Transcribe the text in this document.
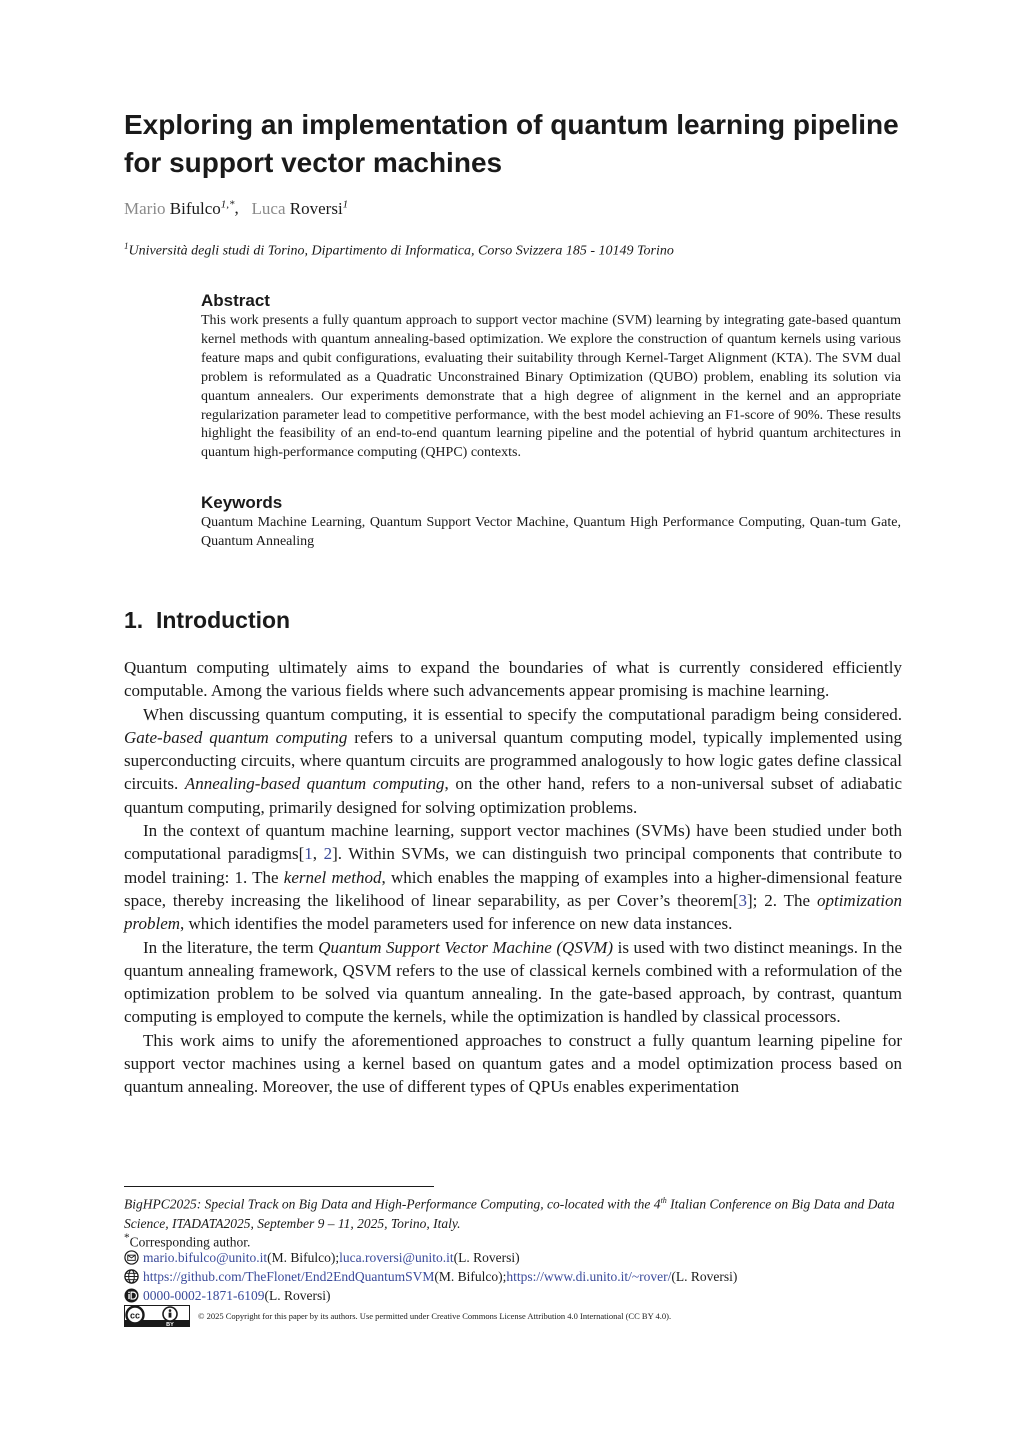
Exploring an implementation of quantum learning pipeline for support vector machines
Mario Bifulco$^{1,*}$, Luca Roversi$^1$
$^1$Università degli studi di Torino, Dipartimento di Informatica, Corso Svizzera 185 - 10149 Torino
Abstract
This work presents a fully quantum approach to support vector machine (SVM) learning by integrating gate-based quantum kernel methods with quantum annealing-based optimization. We explore the construction of quantum kernels using various feature maps and qubit configurations, evaluating their suitability through Kernel-Target Alignment (KTA). The SVM dual problem is reformulated as a Quadratic Unconstrained Binary Optimization (QUBO) problem, enabling its solution via quantum annealers. Our experiments demonstrate that a high degree of alignment in the kernel and an appropriate regularization parameter lead to competitive performance, with the best model achieving an F1-score of 90%. These results highlight the feasibility of an end-to-end quantum learning pipeline and the potential of hybrid quantum architectures in quantum high-performance computing (QHPC) contexts.
Keywords
Quantum Machine Learning, Quantum Support Vector Machine, Quantum High Performance Computing, Quan-tum Gate, Quantum Annealing
1. Introduction

Quantum computing ultimately aims to expand the boundaries of what is currently considered efficiently computable. Among the various fields where such advancements appear promising is machine learning.

When discussing quantum computing, it is essential to specify the computational paradigm being considered. Gate-based quantum computing refers to a universal quantum computing model, typically implemented using superconducting circuits, where quantum circuits are programmed analogously to how logic gates define classical circuits. Annealing-based quantum computing, on the other hand, refers to a non-universal subset of adiabatic quantum computing, primarily designed for solving optimization problems.

In the context of quantum machine learning, support vector machines (SVMs) have been studied under both computational paradigms[1, 2]. Within SVMs, we can distinguish two principal components that contribute to model training: 1. The kernel method, which enables the mapping of examples into a higher-dimensional feature space, thereby increasing the likelihood of linear separability, as per Cover’s theorem[3]; 2. The optimization problem, which identifies the model parameters used for inference on new data instances.

In the literature, the term Quantum Support Vector Machine (QSVM) is used with two distinct meanings. In the quantum annealing framework, QSVM refers to the use of classical kernels combined with a reformulation of the optimization problem to be solved via quantum annealing. In the gate-based approach, by contrast, quantum computing is employed to compute the kernels, while the optimization is handled by classical processors.

This work aims to unify the aforementioned approaches to construct a fully quantum learning pipeline for support vector machines using a kernel based on quantum gates and a model optimization process based on quantum annealing. Moreover, the use of different types of QPUs enables experimentation

BigHPC2025: Special Track on Big Data and High-Performance Computing, co-located with the 4th Italian Conference on Big Data and Data Science, ITADATA2025, September 9 – 11, 2025, Torino, Italy.
*Corresponding author.
mario.bifulco@unito.it (M. Bifulco); luca.roversi@unito.it (L. Roversi)
https://github.com/TheFlonet/End2EndQuantumSVM (M. Bifulco); https://www.di.unito.it/~rover/ (L. Roversi)
0000-0002-1871-6109 (L. Roversi)
cc
BY
© 2025 Copyright for this paper by its authors. Use permitted under Creative Commons License Attribution 4.0 International (CC BY 4.0).
